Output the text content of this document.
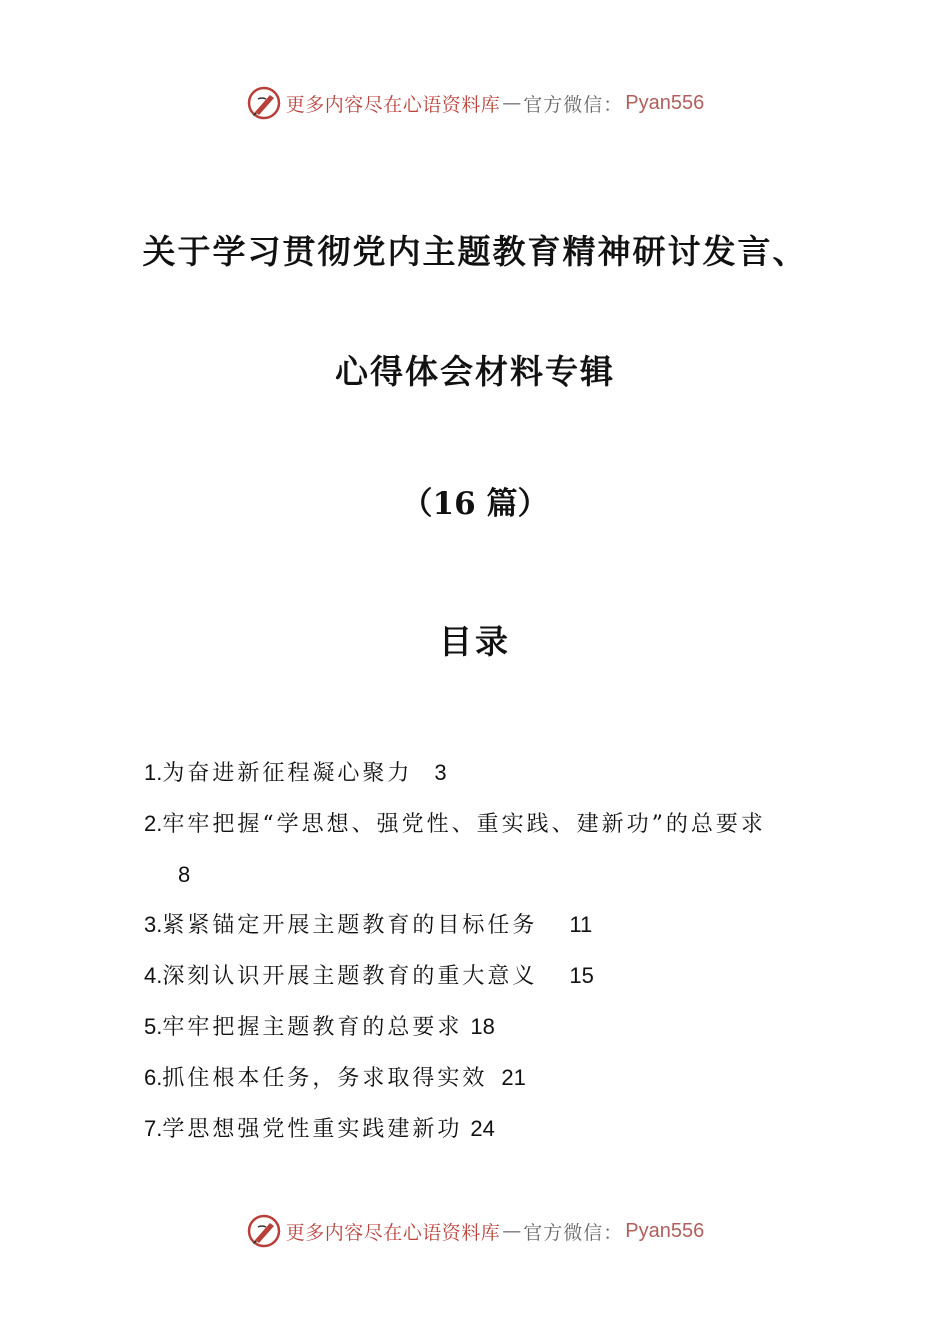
更多内容尽在心语资料库 — 官方微信： Pyan556
关于学习贯彻党内主题教育精神研讨发言、
心得体会材料专辑
（16 篇）
目录
1.为奋进新征程凝心聚力 3
2.牢牢把握“学思想、强党性、重实践、建新功”的总要求
8
3.紧紧锚定开展主题教育的目标任务 11
4.深刻认识开展主题教育的重大意义 15
5.牢牢把握主题教育的总要求 18
6.抓住根本任务，务求取得实效 21
7.学思想强党性重实践建新功 24
更多内容尽在心语资料库 — 官方微信： Pyan556
